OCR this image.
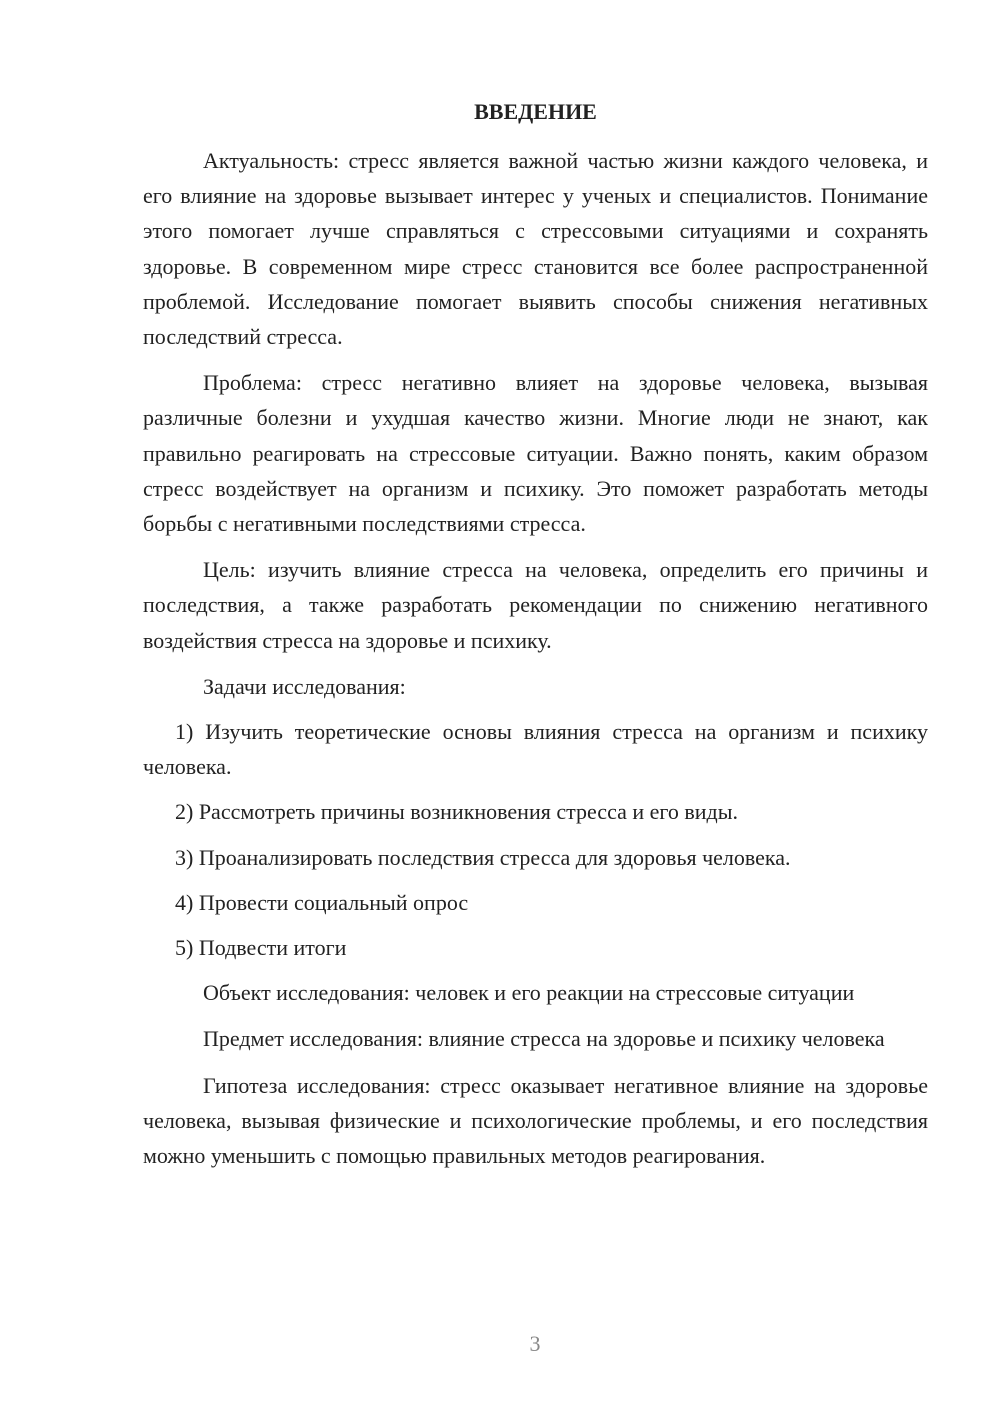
ВВЕДЕНИЕ

Актуальность: стресс является важной частью жизни каждого человека, и его влияние на здоровье вызывает интерес у ученых и специалистов. Понимание этого помогает лучше справляться с стрессовыми ситуациями и сохранять здоровье. В современном мире стресс становится все более распространенной проблемой. Исследование помогает выявить способы снижения негативных последствий стресса.

Проблема: стресс негативно влияет на здоровье человека, вызывая различные болезни и ухудшая качество жизни. Многие люди не знают, как правильно реагировать на стрессовые ситуации. Важно понять, каким образом стресс воздействует на организм и психику. Это поможет разработать методы борьбы с негативными последствиями стресса.

Цель: изучить влияние стресса на человека, определить его причины и последствия, а также разработать рекомендации по снижению негативного воздействия стресса на здоровье и психику.

Задачи исследования:

1) Изучить теоретические основы влияния стресса на организм и психику человека.

2) Рассмотреть причины возникновения стресса и его виды.

3) Проанализировать последствия стресса для здоровья человека.

4) Провести социальный опрос

5) Подвести итоги

Объект исследования: человек и его реакции на стрессовые ситуации

Предмет исследования: влияние стресса на здоровье и психику человека

Гипотеза исследования: стресс оказывает негативное влияние на здоровье человека, вызывая физические и психологические проблемы, и его последствия можно уменьшить с помощью правильных методов реагирования.

3
